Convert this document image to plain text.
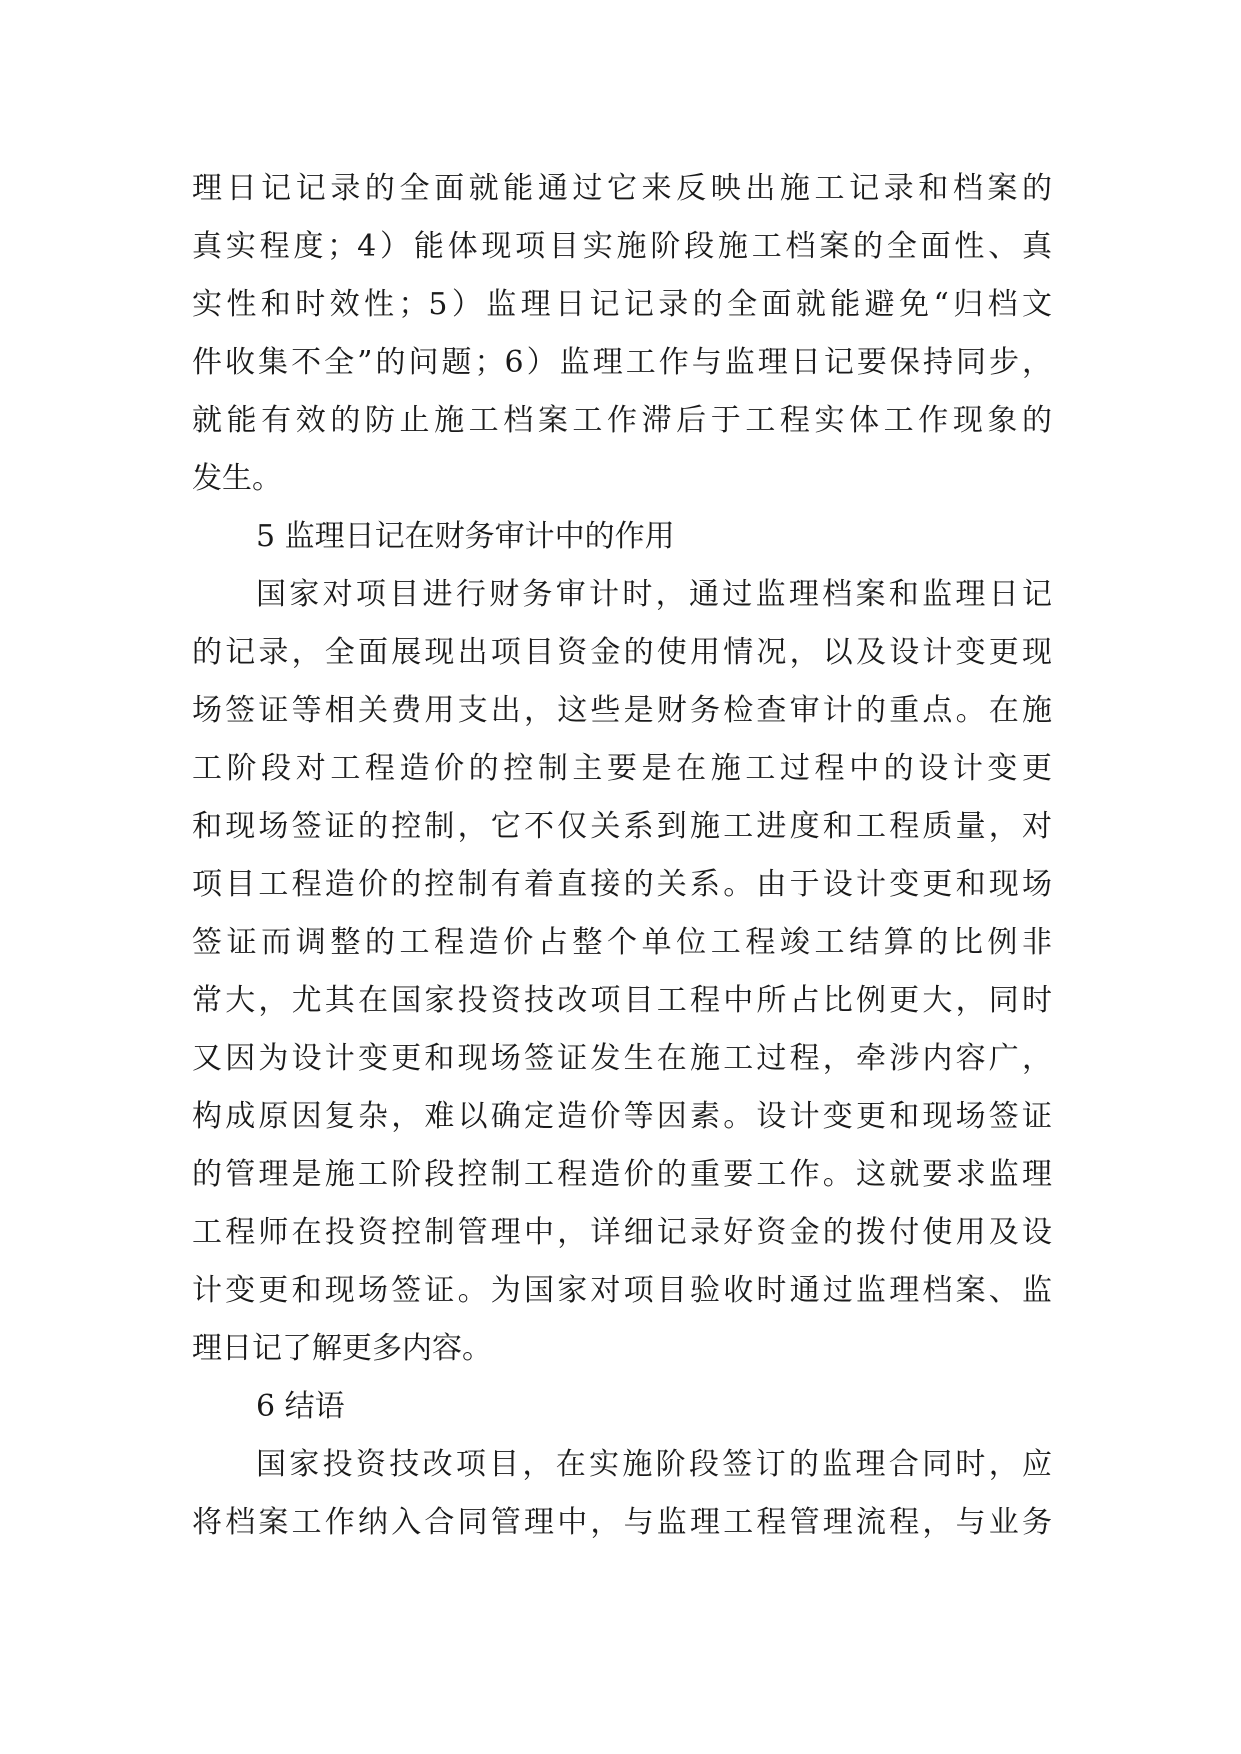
理日记记录的全面就能通过它来反映出施工记录和档案的
真实程度；4）能体现项目实施阶段施工档案的全面性、真
实性和时效性；5）监理日记记录的全面就能避免“归档文
件收集不全”的问题；6）监理工作与监理日记要保持同步，
就能有效的防止施工档案工作滞后于工程实体工作现象的
发生。
5 监理日记在财务审计中的作用
国家对项目进行财务审计时，通过监理档案和监理日记
的记录，全面展现出项目资金的使用情况，以及设计变更现
场签证等相关费用支出，这些是财务检查审计的重点。在施
工阶段对工程造价的控制主要是在施工过程中的设计变更
和现场签证的控制，它不仅关系到施工进度和工程质量，对
项目工程造价的控制有着直接的关系。由于设计变更和现场
签证而调整的工程造价占整个单位工程竣工结算的比例非
常大，尤其在国家投资技改项目工程中所占比例更大，同时
又因为设计变更和现场签证发生在施工过程，牵涉内容广，
构成原因复杂，难以确定造价等因素。设计变更和现场签证
的管理是施工阶段控制工程造价的重要工作。这就要求监理
工程师在投资控制管理中，详细记录好资金的拨付使用及设
计变更和现场签证。为国家对项目验收时通过监理档案、监
理日记了解更多内容。
6 结语
国家投资技改项目，在实施阶段签订的监理合同时，应
将档案工作纳入合同管理中，与监理工程管理流程，与业务
